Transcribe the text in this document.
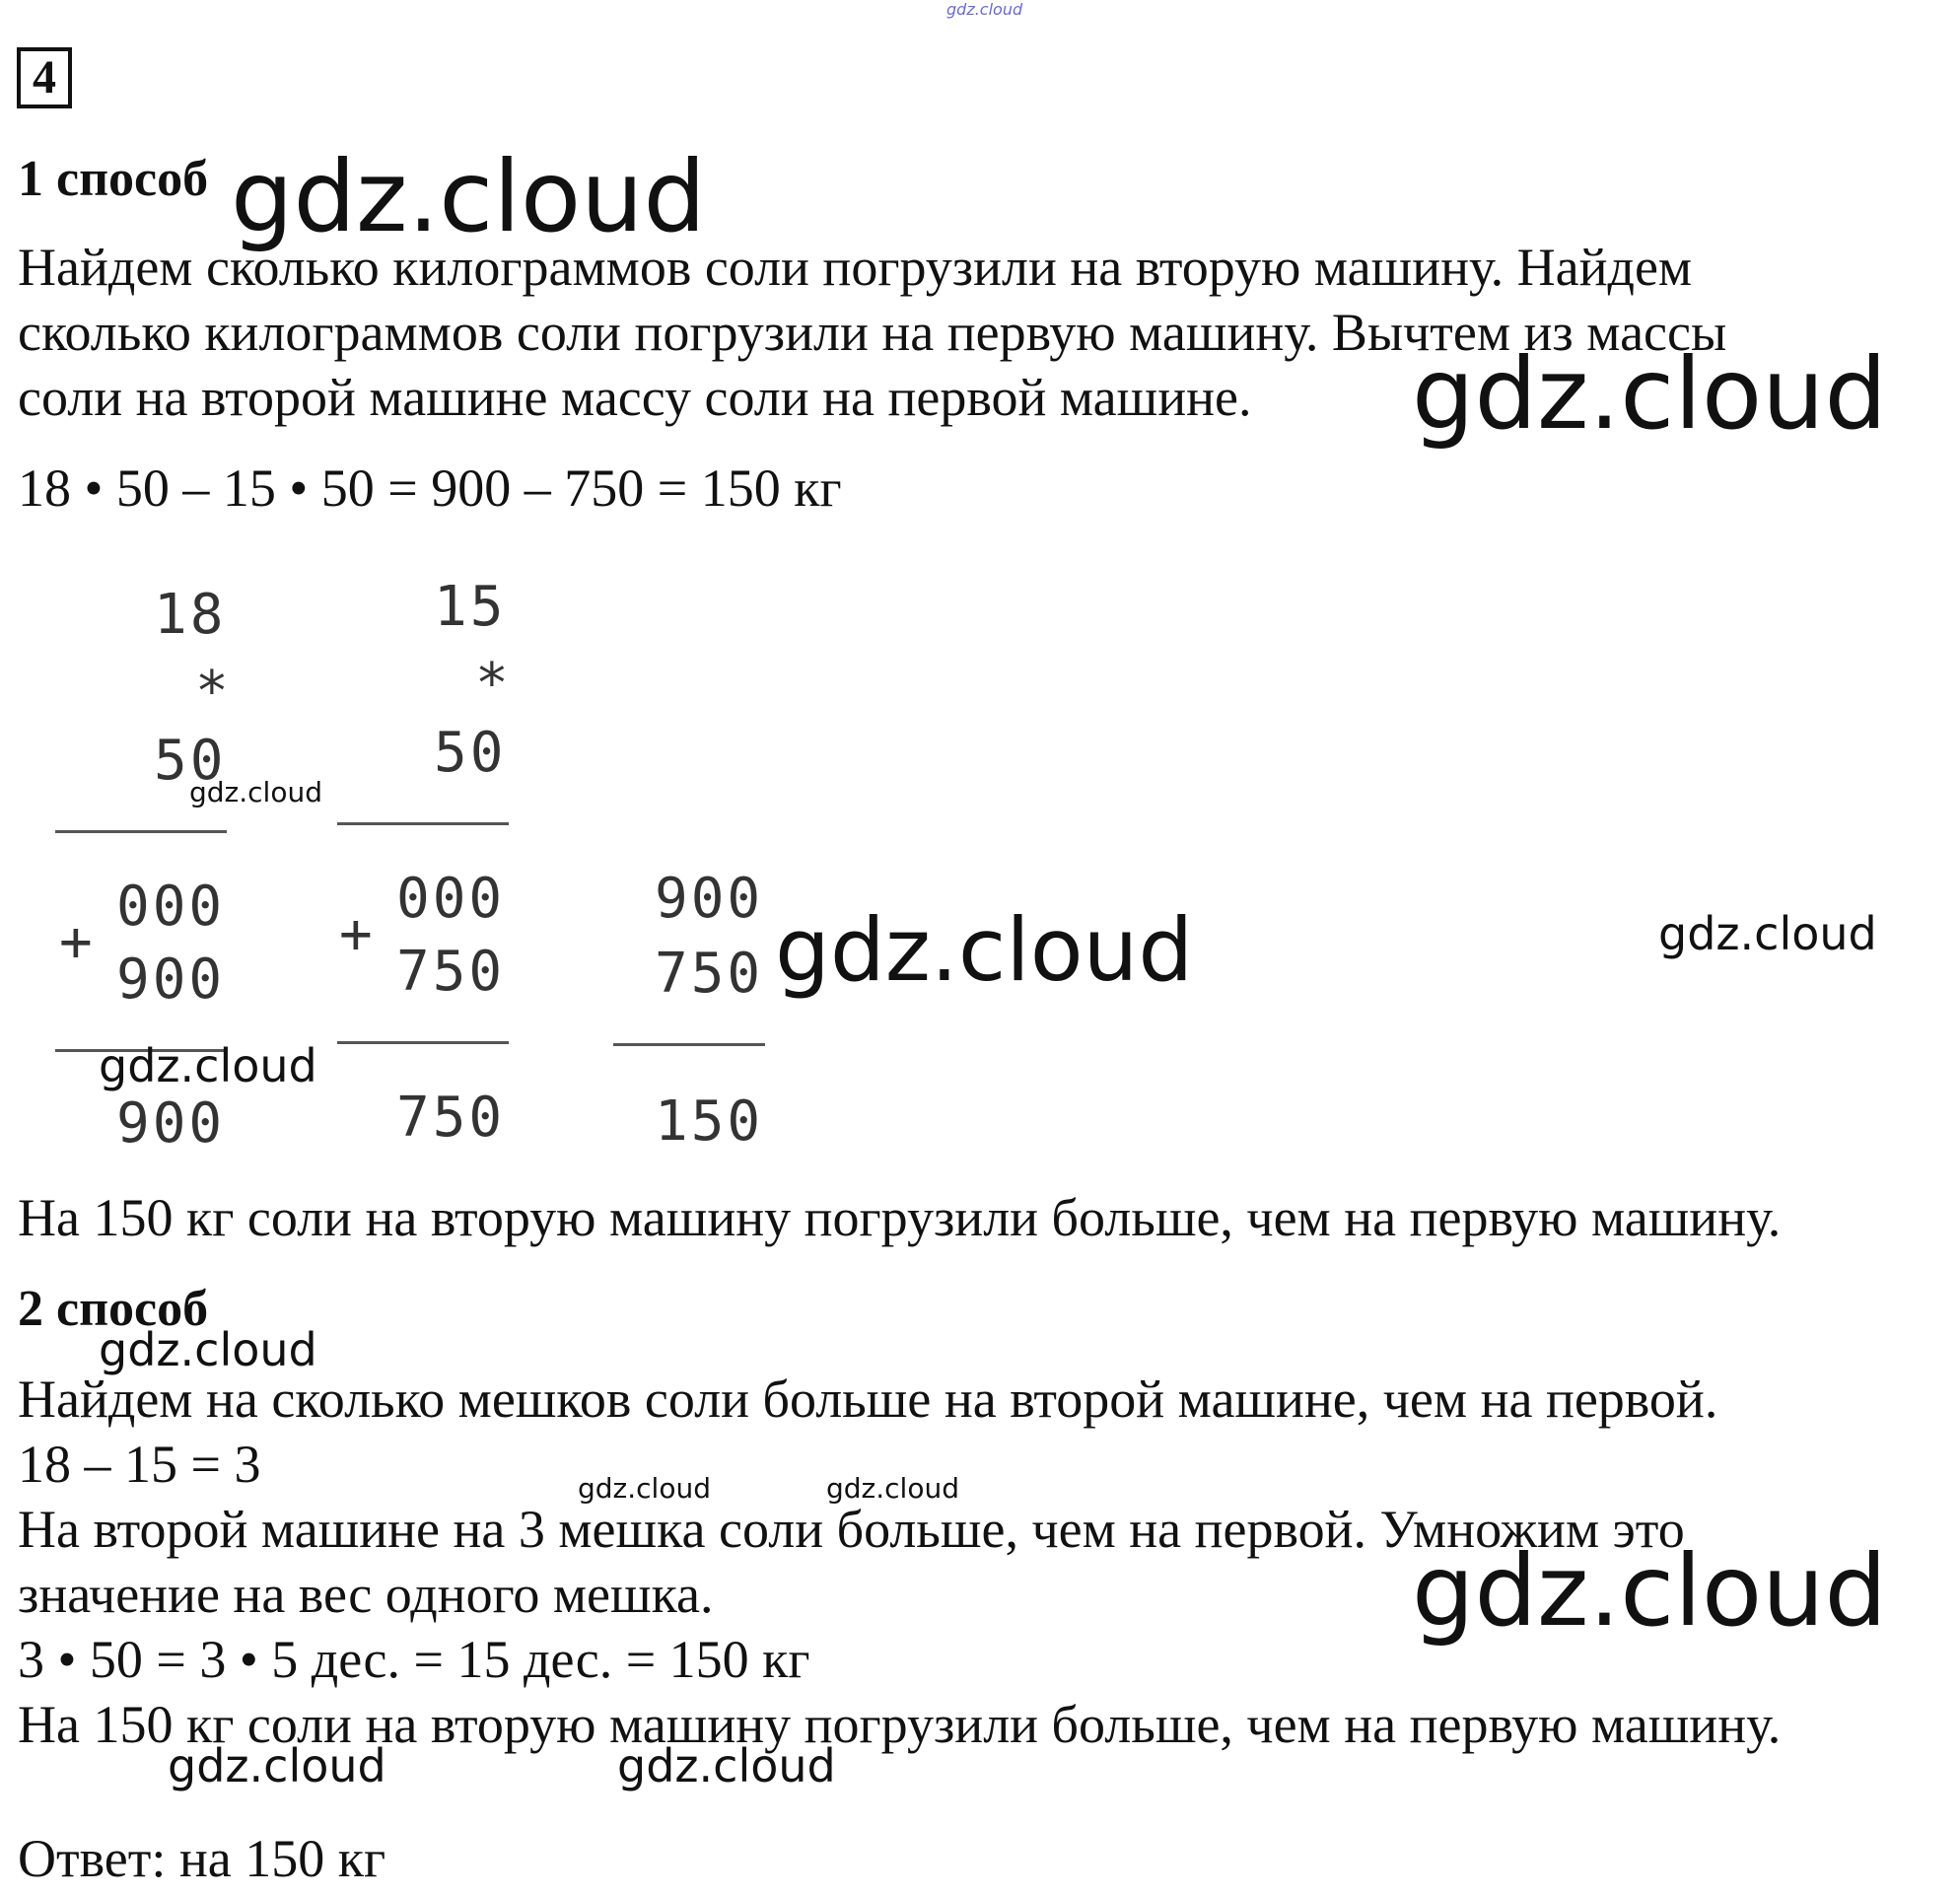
gdz.cloud
4
1 способ gdz.cloud
Найдем сколько килограммов соли погрузили на вторую машину. Найдем
сколько килограммов соли погрузили на первую машину. Вычтем из массы
соли на второй машине массу соли на первой машине. gdz.cloud
18 • 50 – 15 • 50 = 900 – 750 = 150 кг
18
*
50
+
000
900
900
15
*
50
+
000
750
750
900
750
150
gdz.cloud
gdz.cloud	gdz.cloud
gdz.cloud
На 150 кг соли на вторую машину погрузили больше, чем на первую машину.
2 способ
gdz.cloud
Найдем на сколько мешков соли больше на второй машине, чем на первой.
18 – 15 = 3	gdz.cloud	gdz.cloud
На второй машине на 3 мешка соли больше, чем на первой. Умножим это
значение на вес одного мешка.	gdz.cloud
3 • 50 = 3 • 5 дес. = 15 дес. = 150 кг
На 150 кг соли на вторую машину погрузили больше, чем на первую машину.
gdz.cloud	gdz.cloud
Ответ: на 150 кг
